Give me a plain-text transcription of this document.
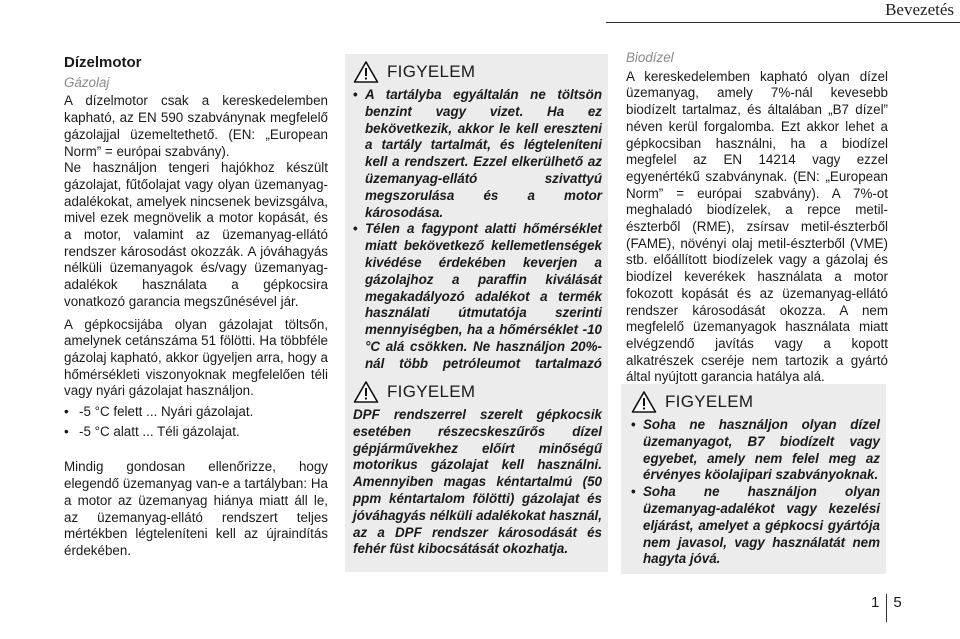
Bevezetés
Dízelmotor
Gázolaj

A dízelmotor csak a kereskedelemben kapható, az EN 590 szabványnak megfelelő gázolajjal üzemeltethető. (EN: „European Norm” = európai szabvány).

Ne használjon tengeri hajókhoz készült gázolajat, fűtőolajat vagy olyan üzemanyag-adalékokat, amelyek nincsenek bevizsgálva, mivel ezek megnövelik a motor kopását, és a motor, valamint az üzemanyag-ellátó rendszer károsodást okozzák. A jóváhagyás nélküli üzemanyagok és/vagy üzemanyag-adalékok használata a gépkocsira vonatkozó garancia megszűnésével jár.

A gépkocsijába olyan gázolajat töltsőn, amelynek cetánszáma 51 fölötti. Ha többféle gázolaj kapható, akkor ügyeljen arra, hogy a hőmérsékleti viszonyoknak megfelelően téli vagy nyári gázolajat használjon.

• -5 °C felett ... Nyári gázolajat.
• -5 °C alatt ... Téli gázolajat.

Mindig gondosan ellenőrizze, hogy elegendő üzemanyag van-e a tartályban: Ha a motor az üzemanyag hiánya miatt áll le, az üzemanyag-ellátó rendszert teljes mértékben légteleníteni kell az újraindítás érdekében.

FIGYELEM
• A tartályba egyáltalán ne töltsön benzint vagy vizet. Ha ez bekövetkezik, akkor le kell ereszteni a tartály tartalmát, és légteleníteni kell a rendszert. Ezzel elkerülhető az üzemanyag-ellátó szivattyú megszorulása és a motor károsodása.
• Télen a fagypont alatti hőmérséklet miatt bekövetkező kellemetlenségek kivédése érdekében keverjen a gázolajhoz a paraffin kiválását megakadályozó adalékot a termék használati útmutatója szerinti mennyiségben, ha a hőmérséklet -10 °C alá csökken. Ne használjon 20%-nál több petróleumot tartalmazó
FIGYELEM

DPF rendszerrel szerelt gépkocsik esetében részecskeszűrős dízel gépjárművekhez előírt minőségű motorikus gázolajat kell használni. Amennyiben magas kéntartalmú (50 ppm kéntartalom fölötti) gázolajat és jóváhagyás nélküli adalékokat használ, az a DPF rendszer károsodását és fehér füst kibocsátását okozhatja.

Biodízel

A kereskedelemben kapható olyan dízel üzemanyag, amely 7%-nál kevesebb biodízelt tartalmaz, és általában „B7 dízel” néven kerül forgalomba. Ezt akkor lehet a gépkocsiban használni, ha a biodízel megfelel az EN 14214 vagy ezzel egyenértékű szabványnak. (EN: „European Norm” = európai szabvány). A 7%-ot meghaladó biodízelek, a repce metil-észterből (RME), zsírsav metil-észterből (FAME), növényi olaj metil-észterből (VME) stb. előállított biodízelek vagy a gázolaj és biodízel keverékek használata a motor fokozott kopását és az üzemanyag-ellátó rendszer károsodását okozza. A nem megfelelő üzemanyagok használata miatt elvégzendő javítás vagy a kopott alkatrészek cseréje nem tartozik a gyártó által nyújtott garancia hatálya alá.

FIGYELEM
• Soha ne használjon olyan dízel üzemanyagot, B7 biodízelt vagy egyebet, amely nem felel meg az érvényes köolajipari szabványoknak.
• Soha ne használjon olyan üzemanyag-adalékot vagy kezelési eljárást, amelyet a gépkocsi gyártója nem javasol, vagy használatát nem hagyta jóvá.
1 5
